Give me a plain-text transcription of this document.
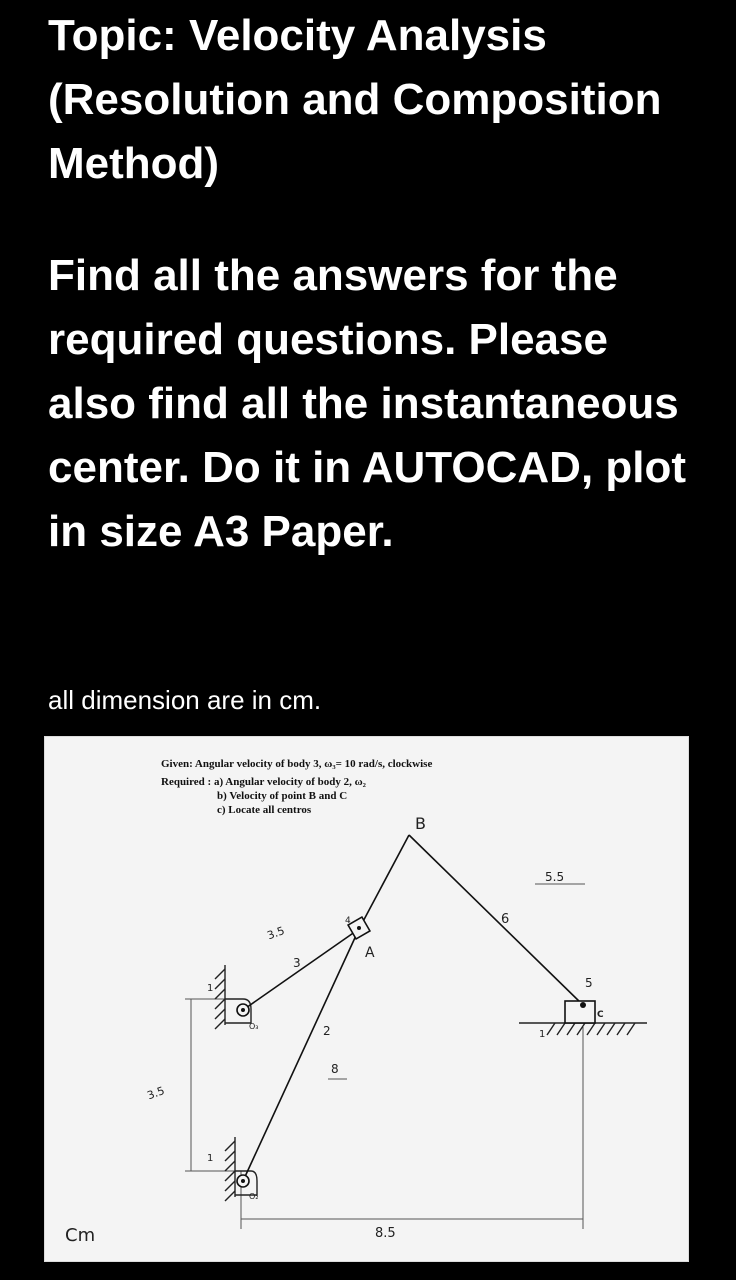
Topic: Velocity Analysis (Resolution and Composition Method)

Find all the answers for the required questions. Please also find all the instantaneous center. Do it in AUTOCAD, plot in size A3 Paper.

all dimension are in cm.
Given: Angular velocity of body 3, ω₃= 10 rad/s, clockwise
Required : a) Angular velocity of body 2, ω₂
b) Velocity of point B and C
c) Locate all centros
B
A
C
O₃
O₂
3
2
4
5
6
1
1
1
3.5
3.5
5.5
8
8.5
Cm
